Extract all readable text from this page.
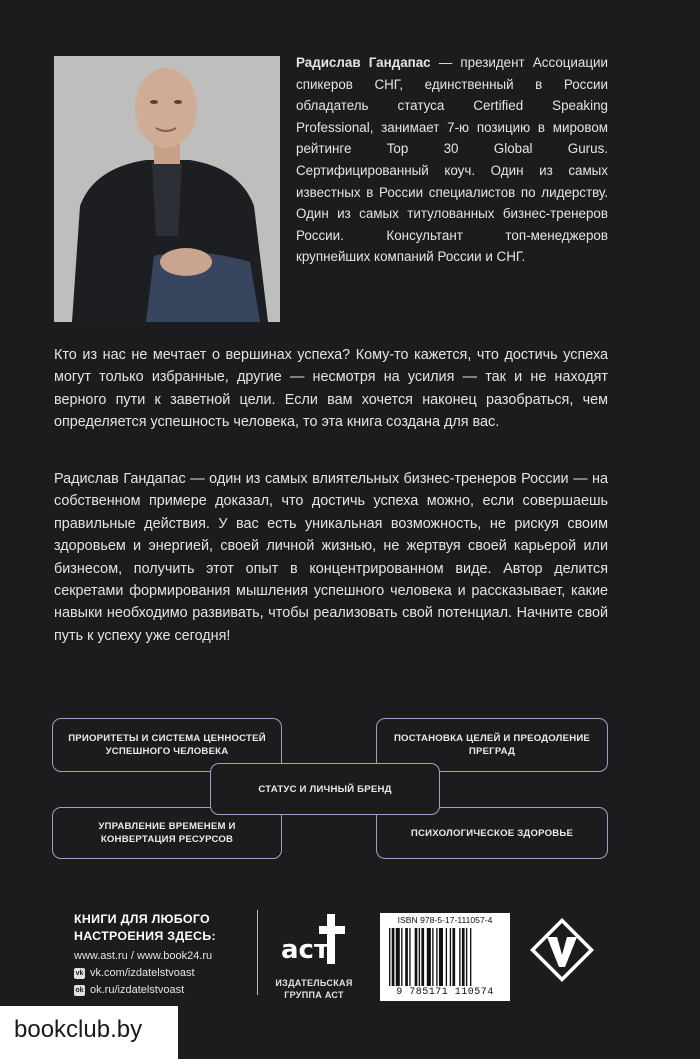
Радислав Гандапас — президент Ассоциации спикеров СНГ, единственный в России обладатель статуса Certified Speaking Professional, занимает 7-ю позицию в мировом рейтинге Top 30 Global Gurus. Сертифицированный коуч. Один из самых известных в России специалистов по лидерству. Один из самых титулованных бизнес-тренеров России. Консультант топ-менеджеров крупнейших компаний России и СНГ.

Кто из нас не мечтает о вершинах успеха? Кому-то кажется, что достичь успеха могут только избранные, другие — несмотря на усилия — так и не находят верного пути к заветной цели. Если вам хочется наконец разобраться, чем определяется успешность человека, то эта книга создана для вас.

Радислав Гандапас — один из самых влиятельных бизнес-тренеров России — на собственном примере доказал, что достичь успеха можно, если совершаешь правильные действия. У вас есть уникальная возможность, не рискуя своим здоровьем и энергией, своей личной жизнью, не жертвуя своей карьерой или бизнесом, получить этот опыт в концентрированном виде. Автор делится секретами формирования мышления успешного человека и рассказывает, какие навыки необходимо развивать, чтобы реализовать свой потенциал. Начните свой путь к успеху уже сегодня!

ПРИОРИТЕТЫ И СИСТЕМА ЦЕННОСТЕЙ УСПЕШНОГО ЧЕЛОВЕКА
ПОСТАНОВКА ЦЕЛЕЙ И ПРЕОДОЛЕНИЕ ПРЕГРАД
УПРАВЛЕНИЕ ВРЕМЕНЕМ И КОНВЕРТАЦИЯ РЕСУРСОВ
ПСИХОЛОГИЧЕСКОЕ ЗДОРОВЬЕ
СТАТУС И ЛИЧНЫЙ БРЕНД
КНИГИ ДЛЯ ЛЮБОГО НАСТРОЕНИЯ ЗДЕСЬ:
www.ast.ru / www.book24.ru
vk vk.com/izdatelstvoast
ok ok.ru/izdatelstvoast
аст
ИЗДАТЕЛЬСКАЯ ГРУППА АСТ
ISBN 978-5-17-111057-4
9 785171 110574
bookclub.by
